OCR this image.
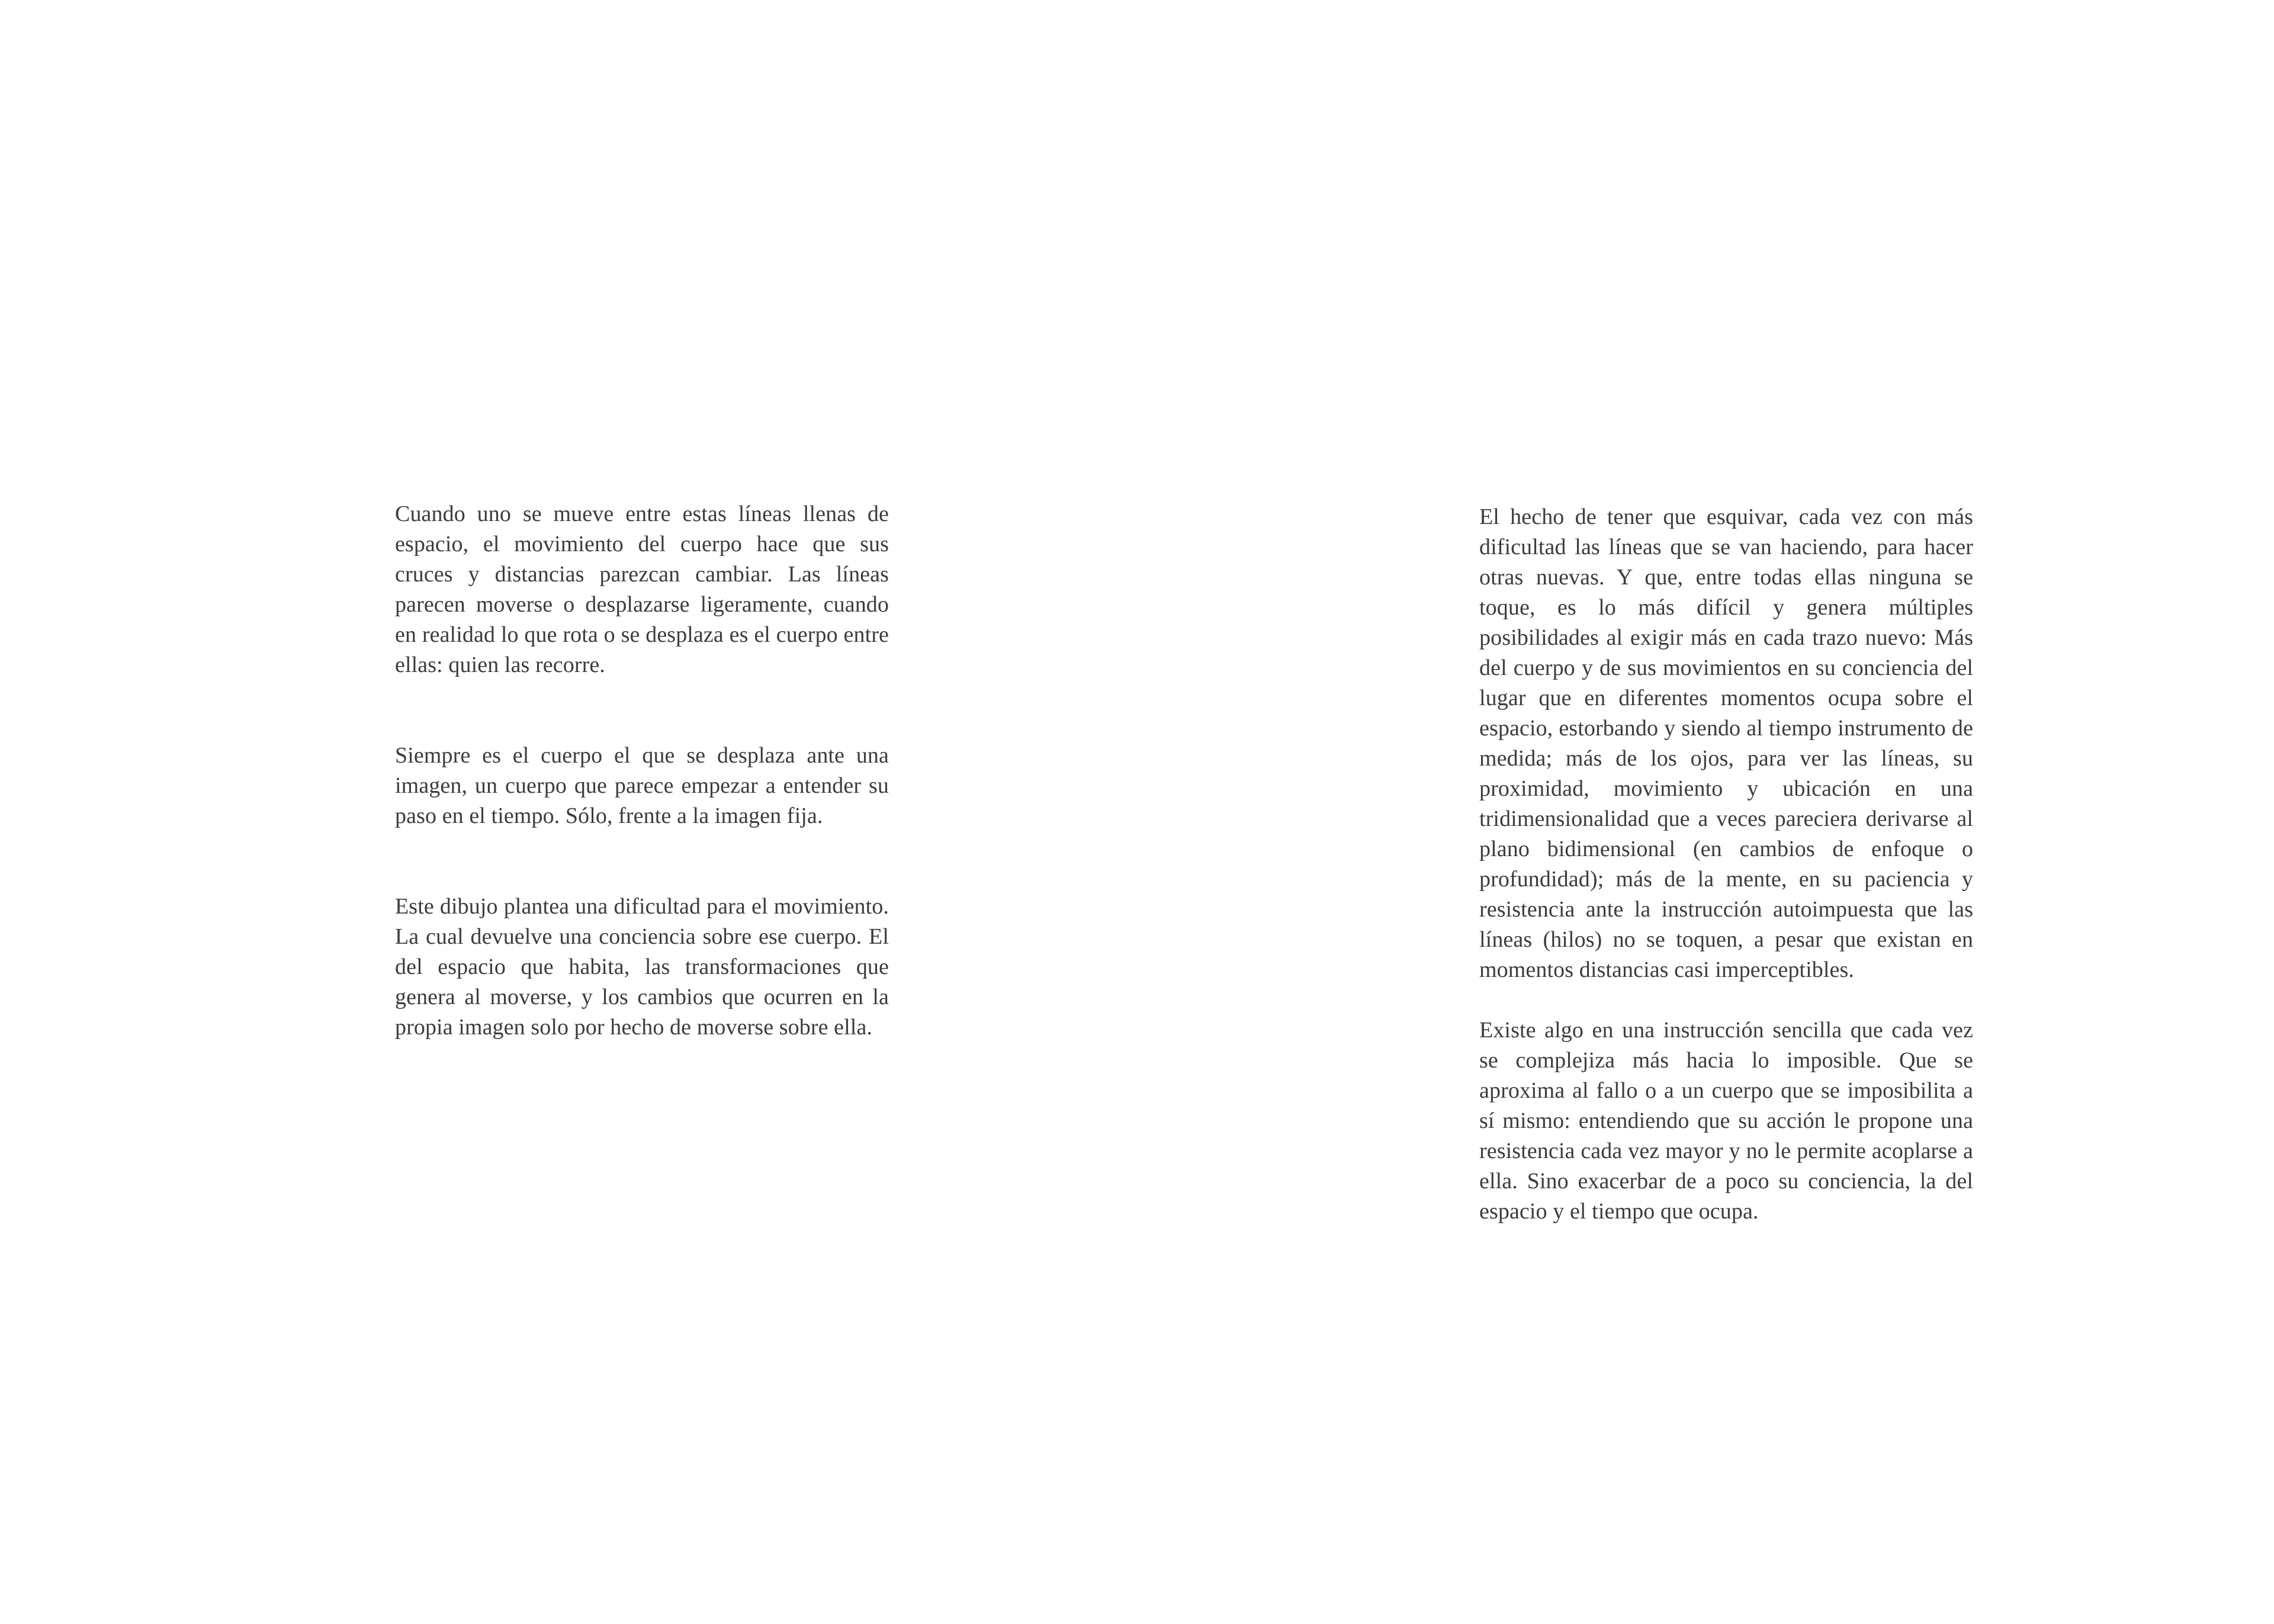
Cuando uno se mueve entre estas líneas llenas de espacio, el movimiento del cuerpo hace que sus cruces y distancias parezcan cambiar. Las líneas parecen moverse o desplazarse ligeramente, cuando en realidad lo que rota o se desplaza es el cuerpo entre ellas: quien las recorre.

Siempre es el cuerpo el que se desplaza ante una imagen, un cuerpo que parece empezar a entender su paso en el tiempo. Sólo, frente a la imagen fija.

Este dibujo plantea una dificultad para el movimiento. La cual devuelve una conciencia sobre ese cuerpo. El del espacio que habita, las transformaciones que genera al moverse, y los cambios que ocurren en la propia imagen solo por hecho de moverse sobre ella.

El hecho de tener que esquivar, cada vez con más dificultad las líneas que se van haciendo, para hacer otras nuevas. Y que, entre todas ellas ninguna se toque, es lo más difícil y genera múltiples posibilidades al exigir más en cada trazo nuevo: Más del cuerpo y de sus movimientos en su conciencia del lugar que en diferentes momentos ocupa sobre el espacio, estorbando y siendo al tiempo instrumento de medida; más de los ojos, para ver las líneas, su proximidad, movimiento y ubicación en una tridimensionalidad que a veces pareciera derivarse al plano bidimensional (en cambios de enfoque o profundidad); más de la mente, en su paciencia y resistencia ante la instrucción autoimpuesta que las líneas (hilos) no se toquen, a pesar que existan en momentos distancias casi imperceptibles.

Existe algo en una instrucción sencilla que cada vez se complejiza más hacia lo imposible. Que se aproxima al fallo o a un cuerpo que se imposibilita a sí mismo: entendiendo que su acción le propone una resistencia cada vez mayor y no le permite acoplarse a ella. Sino exacerbar de a poco su conciencia, la del espacio y el tiempo que ocupa.
